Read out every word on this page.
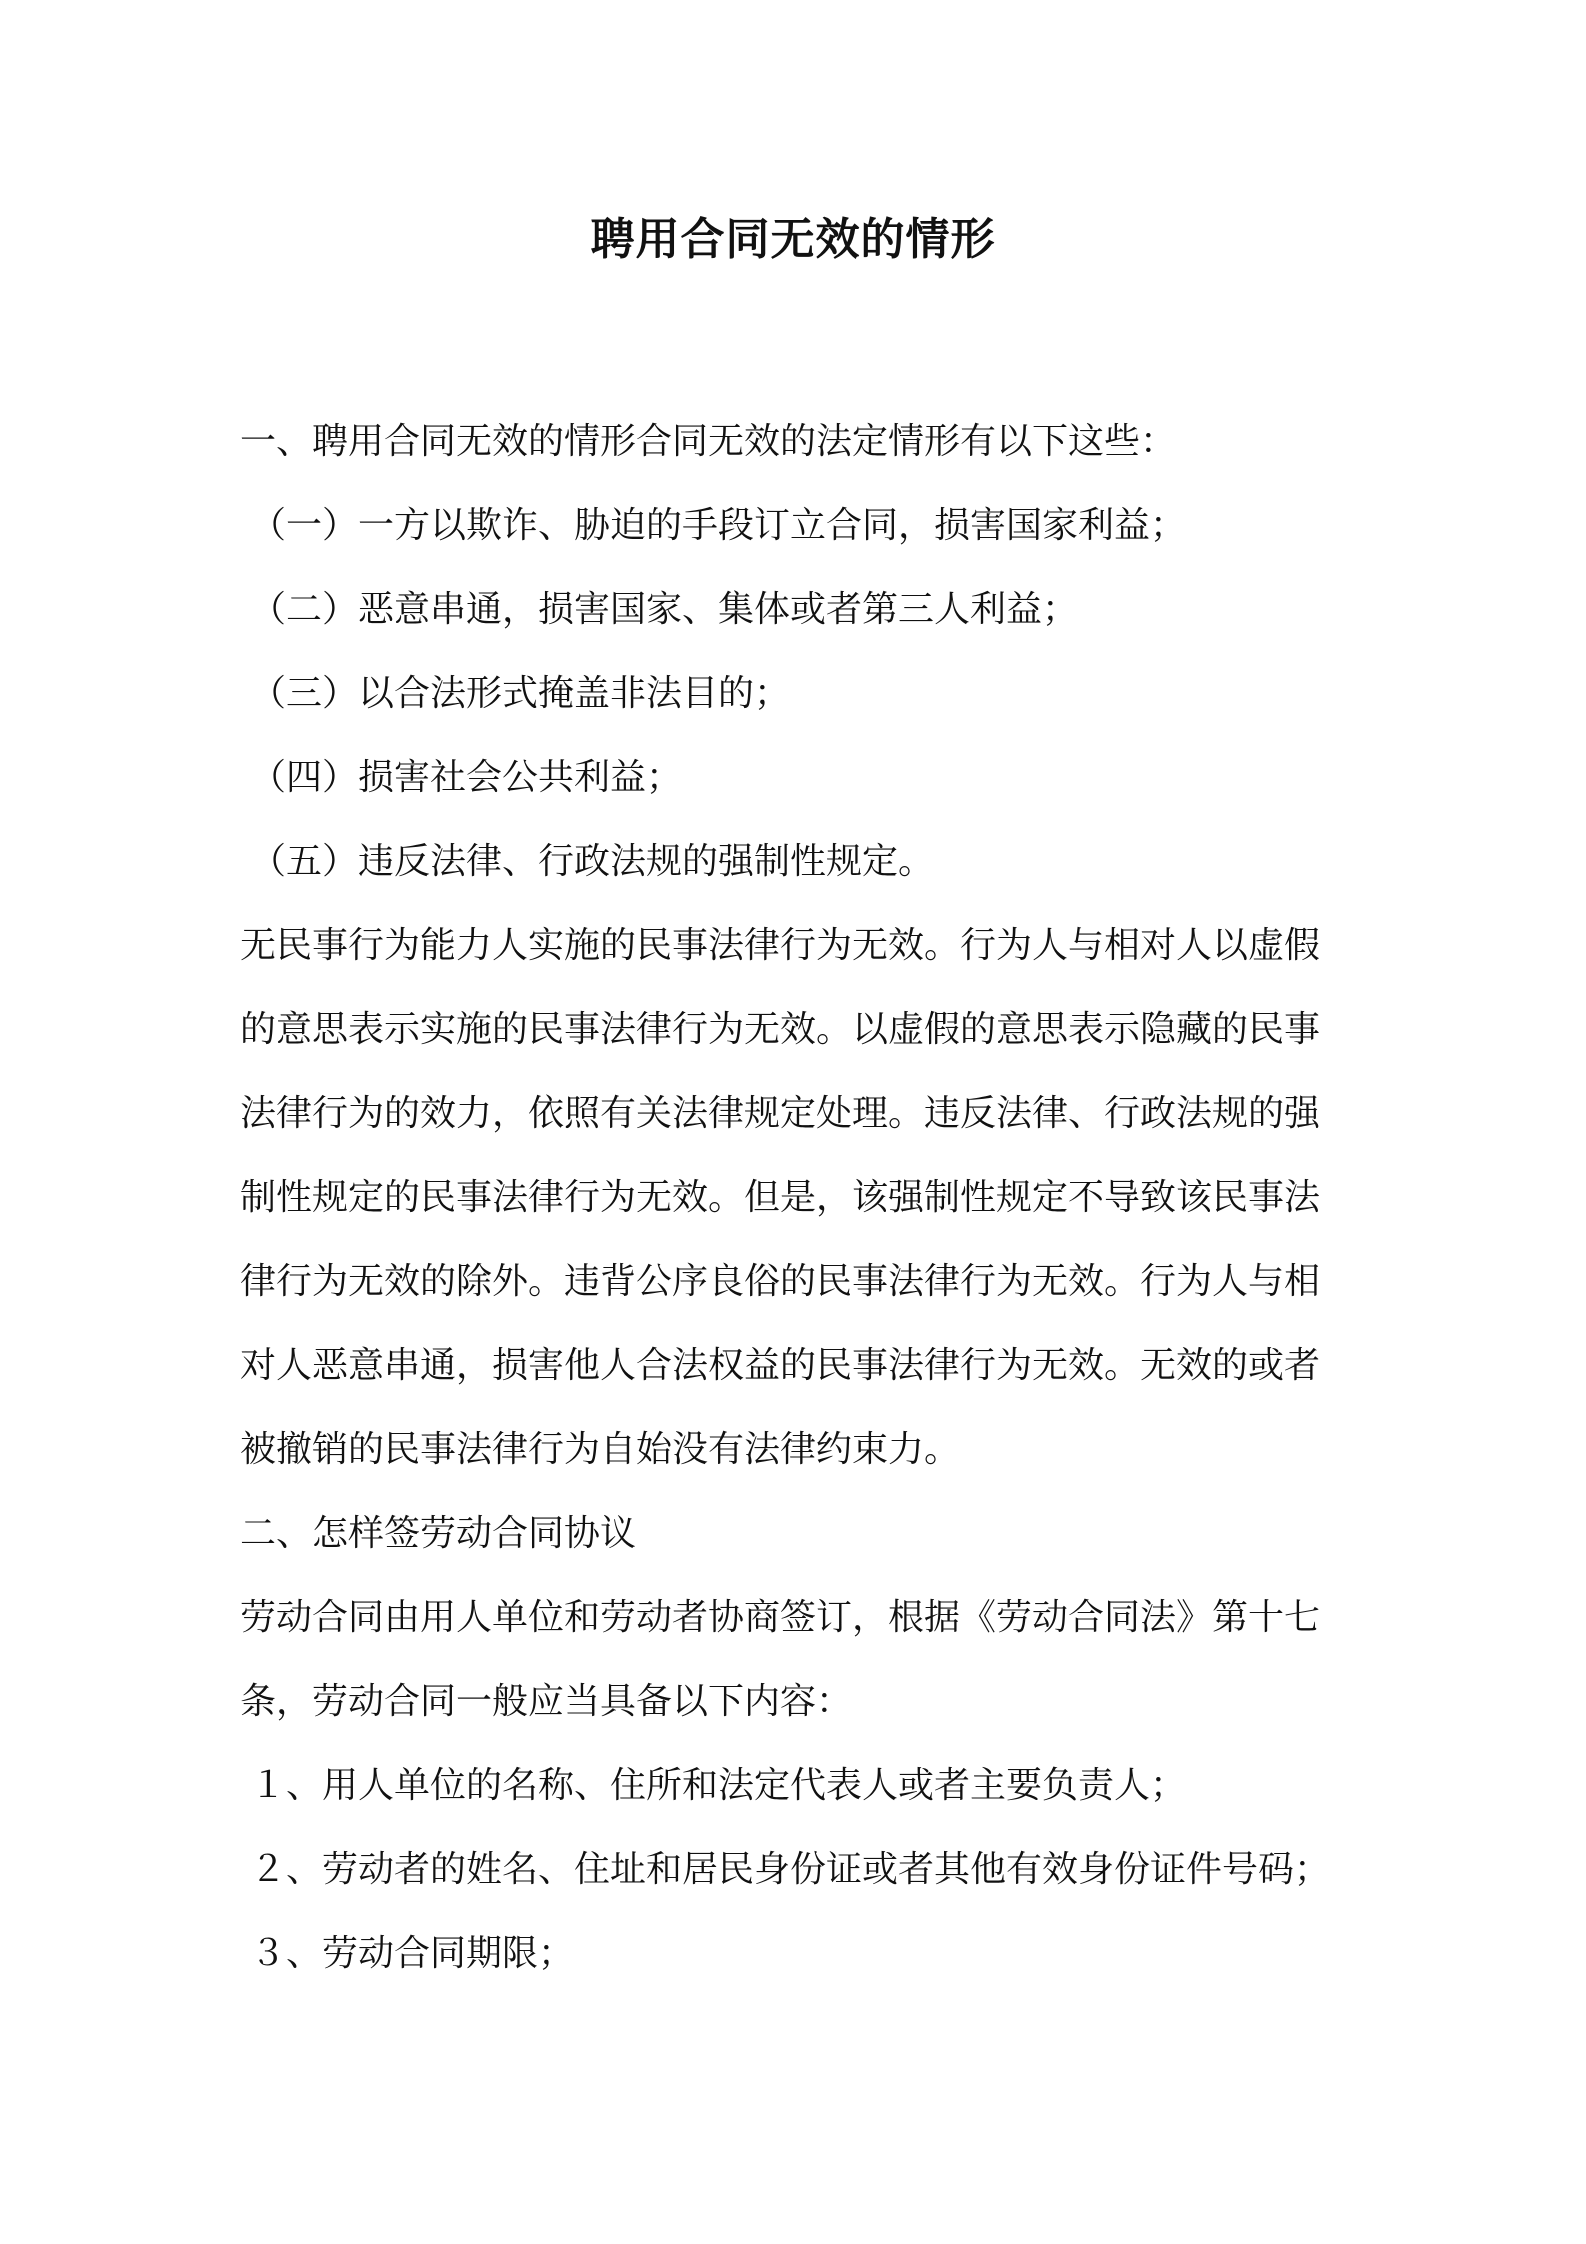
聘用合同无效的情形
一、聘用合同无效的情形合同无效的法定情形有以下这些：
（一）一方以欺诈、胁迫的手段订立合同，损害国家利益；
（二）恶意串通，损害国家、集体或者第三人利益；
（三）以合法形式掩盖非法目的；
（四）损害社会公共利益；
（五）违反法律、行政法规的强制性规定。
无民事行为能力人实施的民事法律行为无效。行为人与相对人以虚假
的意思表示实施的民事法律行为无效。以虚假的意思表示隐藏的民事
法律行为的效力，依照有关法律规定处理。违反法律、行政法规的强
制性规定的民事法律行为无效。但是，该强制性规定不导致该民事法
律行为无效的除外。违背公序良俗的民事法律行为无效。行为人与相
对人恶意串通，损害他人合法权益的民事法律行为无效。无效的或者
被撤销的民事法律行为自始没有法律约束力。
二、怎样签劳动合同协议
劳动合同由用人单位和劳动者协商签订，根据《劳动合同法》第十七
条，劳动合同一般应当具备以下内容：
１、用人单位的名称、住所和法定代表人或者主要负责人；
２、劳动者的姓名、住址和居民身份证或者其他有效身份证件号码；
３、劳动合同期限；
